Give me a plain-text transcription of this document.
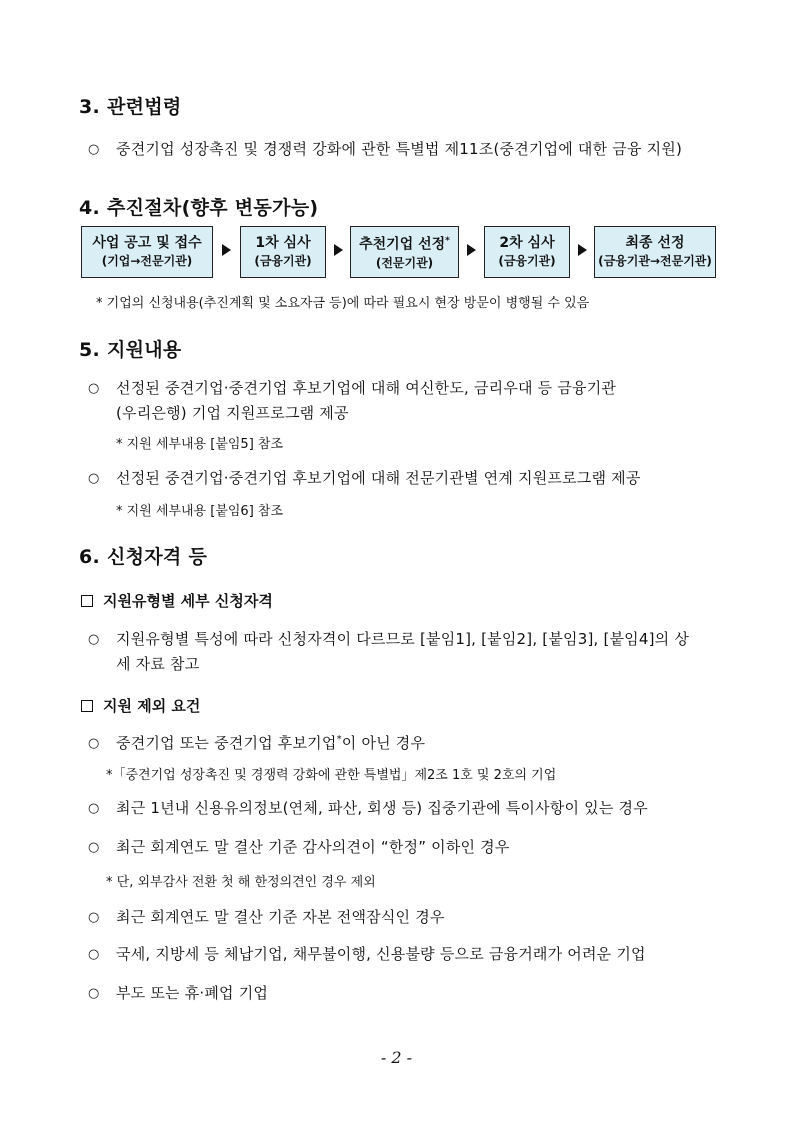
3. 관련법령
○ 중견기업 성장촉진 및 경쟁력 강화에 관한 특별법 제11조(중견기업에 대한 금융 지원)
4. 추진절차(향후 변동가능)
사업 공고 및 접수
(기업→전문기관)
1차 심사
(금융기관)
추천기업 선정*
(전문기관)
2차 심사
(금융기관)
최종 선정
(금융기관→전문기관)
* 기업의 신청내용(추진계획 및 소요자금 등)에 따라 필요시 현장 방문이 병행될 수 있음
5. 지원내용
○ 선정된 중견기업·중견기업 후보기업에 대해 여신한도, 금리우대 등 금융기관
(우리은행) 기업 지원프로그램 제공
* 지원 세부내용 [붙임5] 참조
○ 선정된 중견기업·중견기업 후보기업에 대해 전문기관별 연계 지원프로그램 제공
* 지원 세부내용 [붙임6] 참조
6. 신청자격 등
지원유형별 세부 신청자격
○ 지원유형별 특성에 따라 신청자격이 다르므로 [붙임1], [붙임2], [붙임3], [붙임4]의 상
세 자료 참고
지원 제외 요건
○ 중견기업 또는 중견기업 후보기업*이 아닌 경우
*「중견기업 성장촉진 및 경쟁력 강화에 관한 특별법」제2조 1호 및 2호의 기업
○ 최근 1년내 신용유의정보(연체, 파산, 회생 등) 집중기관에 특이사항이 있는 경우
○ 최근 회계연도 말 결산 기준 감사의견이 “한정” 이하인 경우
* 단, 외부감사 전환 첫 해 한정의견인 경우 제외
○ 최근 회계연도 말 결산 기준 자본 전액잠식인 경우
○ 국세, 지방세 등 체납기업, 채무불이행, 신용불량 등으로 금융거래가 어려운 기업
○ 부도 또는 휴·폐업 기업
- 2 -
